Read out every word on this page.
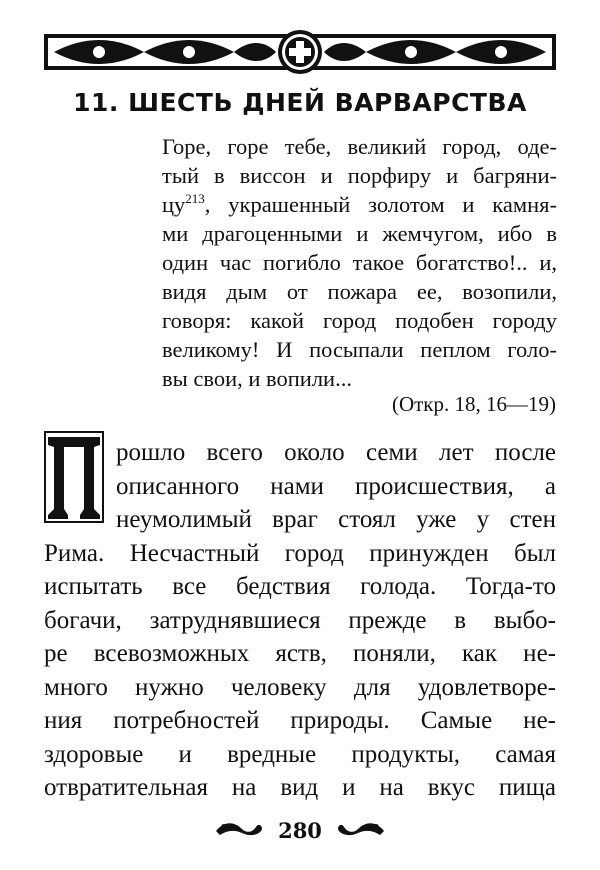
11. ШЕСТЬ ДНЕЙ ВАРВАРСТВА
Горе, горе тебе, великий город, оде-
тый в виссон и порфиру и багряни-
$цу^{213}$, украшенный золотом и камня-
ми драгоценными и жемчугом, ибо в
один час погибло такое богатство!.. и,
видя дым от пожара ее, возопили,
говоря: какой город подобен городу
великому! И посыпали пеплом голо-
вы свои, и вопили...
(Откр. 18, 16—19)
рошло всего около семи лет после
описанного нами происшествия, а
неумолимый враг стоял уже у стен
Рима. Несчастный город принужден был
испытать все бедствия голода. Тогда-то
богачи, затруднявшиеся прежде в выбо-
ре всевозможных яств, поняли, как не-
много нужно человеку для удовлетворе-
ния потребностей природы. Самые не-
здоровые и вредные продукты, самая
отвратительная на вид и на вкус пища
280
